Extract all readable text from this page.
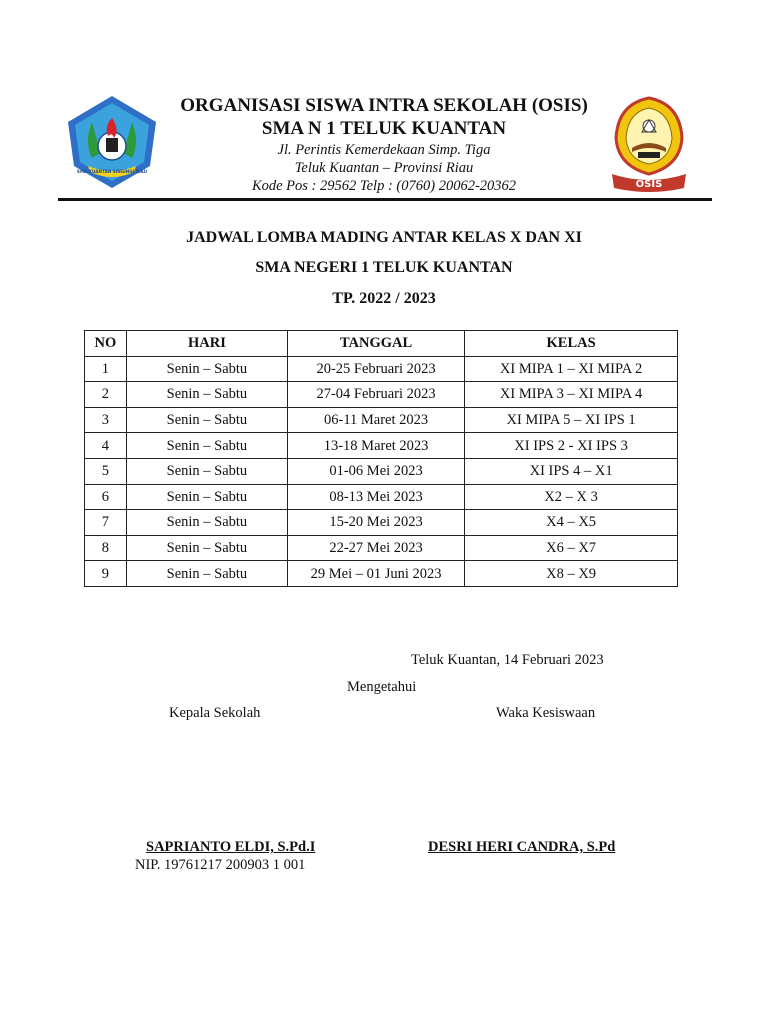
SMA KUANTAN SINGINGI RIAU
ORGANISASI SISWA INTRA SEKOLAH (OSIS)
SMA N 1 TELUK KUANTAN
Jl. Perintis Kemerdekaan Simp. Tiga
Teluk Kuantan – Provinsi Riau
Kode Pos : 29562 Telp : (0760) 20062-20362	OSIS
JADWAL LOMBA MADING ANTAR KELAS X DAN XI
SMA NEGERI 1 TELUK KUANTAN
TP. 2022 / 2023
NO	HARI	TANGGAL	KELAS
1	Senin – Sabtu	20-25 Februari 2023	XI MIPA 1 – XI MIPA 2
2	Senin – Sabtu	27-04 Februari 2023	XI MIPA 3 – XI MIPA 4
3	Senin – Sabtu	06-11 Maret 2023	XI MIPA 5 – XI IPS 1
4	Senin – Sabtu	13-18 Maret 2023	XI IPS 2 - XI IPS 3
5	Senin – Sabtu	01-06 Mei 2023	XI IPS 4 – X1
6	Senin – Sabtu	08-13 Mei 2023	X2 – X 3
7	Senin – Sabtu	15-20 Mei 2023	X4 – X5
8	Senin – Sabtu	22-27 Mei 2023	X6 – X7
9	Senin – Sabtu	29 Mei – 01 Juni 2023	X8 – X9
Teluk Kuantan, 14 Februari 2023
Mengetahui
Kepala Sekolah	Waka Kesiswaan
SAPRIANTO ELDI, S.Pd.I	DESRI HERI CANDRA, S.Pd
NIP. 19761217 200903 1 001
